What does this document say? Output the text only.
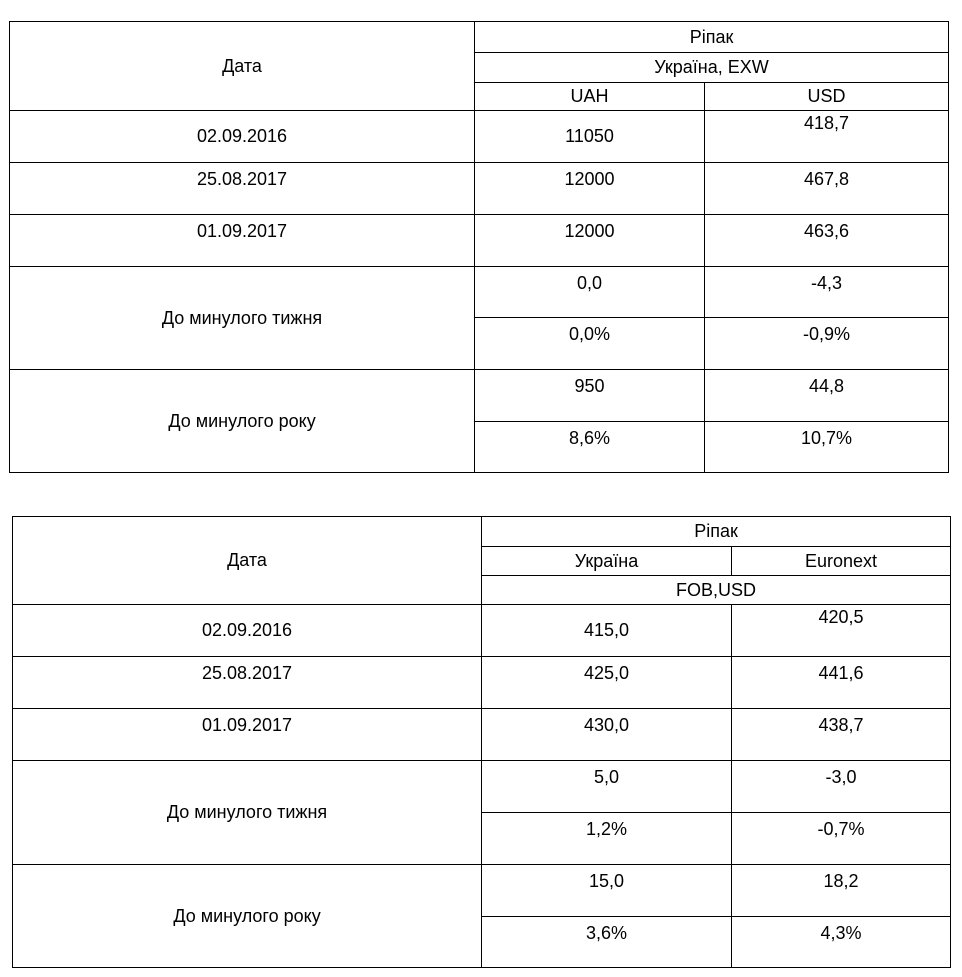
Дата	Ріпак	
	Україна, EXW	
	UAH	USD
02.09.2016	11050	418,7
25.08.2017	12000	467,8
01.09.2017	12000	463,6
До минулого тижня	0,0	-4,3
	0,0%	-0,9%
До минулого року	950	44,8
	8,6%	10,7%
Дата	Ріпак	
	Україна	Euronext
	FOB,USD	
02.09.2016	415,0	420,5
25.08.2017	425,0	441,6
01.09.2017	430,0	438,7
До минулого тижня	5,0	-3,0
	1,2%	-0,7%
До минулого року	15,0	18,2
	3,6%	4,3%
